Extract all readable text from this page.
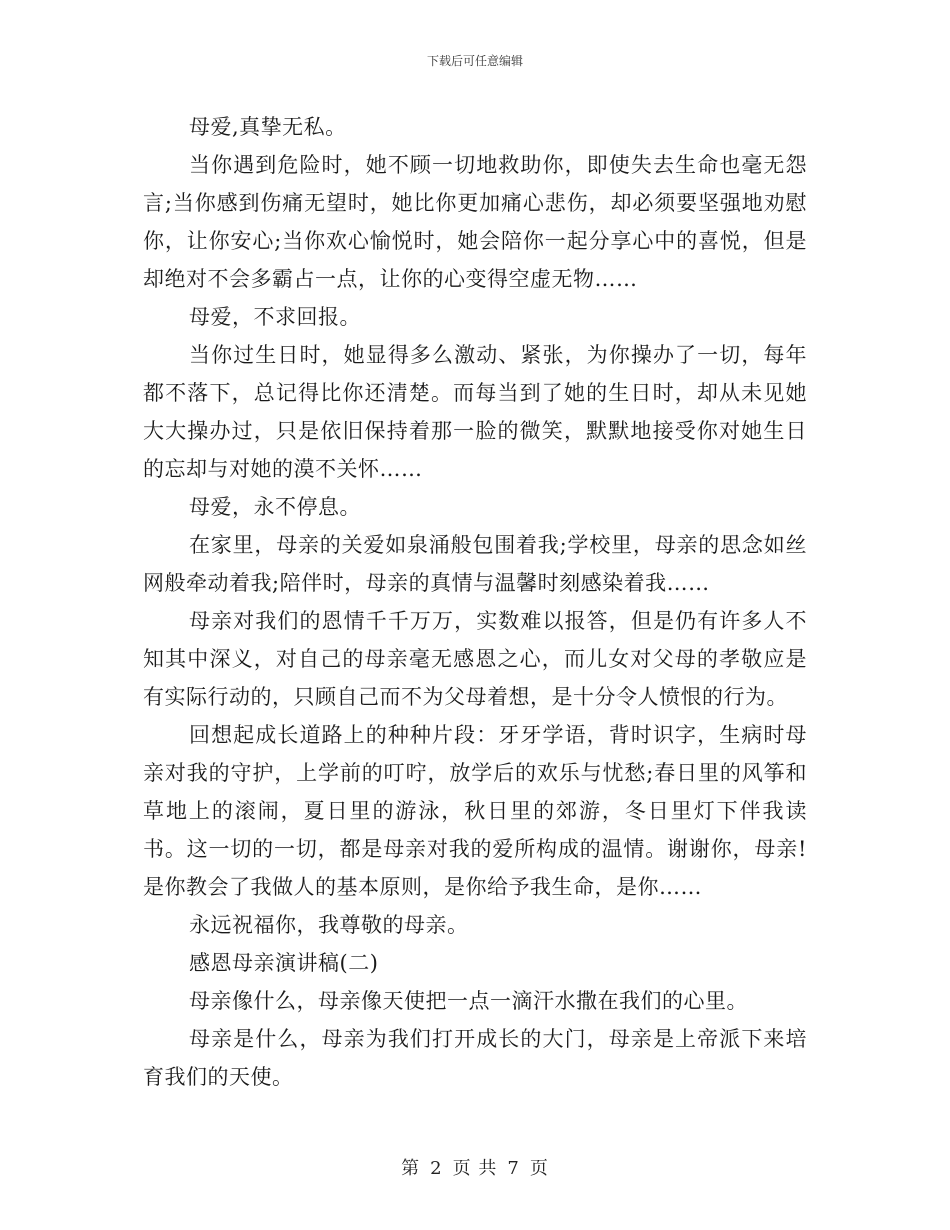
下载后可任意编辑

母爱,真挚无私。

当你遇到危险时，她不顾一切地救助你，即使失去生命也毫无怨言;当你感到伤痛无望时，她比你更加痛心悲伤，却必须要坚强地劝慰你，让你安心;当你欢心愉悦时，她会陪你一起分享心中的喜悦，但是却绝对不会多霸占一点，让你的心变得空虚无物……

母爱，不求回报。

当你过生日时，她显得多么激动、紧张，为你操办了一切，每年都不落下，总记得比你还清楚。而每当到了她的生日时，却从未见她大大操办过，只是依旧保持着那一脸的微笑，默默地接受你对她生日的忘却与对她的漠不关怀……

母爱，永不停息。

在家里，母亲的关爱如泉涌般包围着我;学校里，母亲的思念如丝网般牵动着我;陪伴时，母亲的真情与温馨时刻感染着我……

母亲对我们的恩情千千万万，实数难以报答，但是仍有许多人不知其中深义，对自己的母亲毫无感恩之心，而儿女对父母的孝敬应是有实际行动的，只顾自己而不为父母着想，是十分令人愤恨的行为。

回想起成长道路上的种种片段：牙牙学语，背时识字，生病时母亲对我的守护，上学前的叮咛，放学后的欢乐与忧愁;春日里的风筝和草地上的滚闹，夏日里的游泳，秋日里的郊游，冬日里灯下伴我读书。这一切的一切，都是母亲对我的爱所构成的温情。谢谢你，母亲!是你教会了我做人的基本原则，是你给予我生命，是你……

永远祝福你，我尊敬的母亲。

感恩母亲演讲稿(二)

母亲像什么，母亲像天使把一点一滴汗水撒在我们的心里。

母亲是什么，母亲为我们打开成长的大门，母亲是上帝派下来培育我们的天使。

第 2 页 共 7 页
